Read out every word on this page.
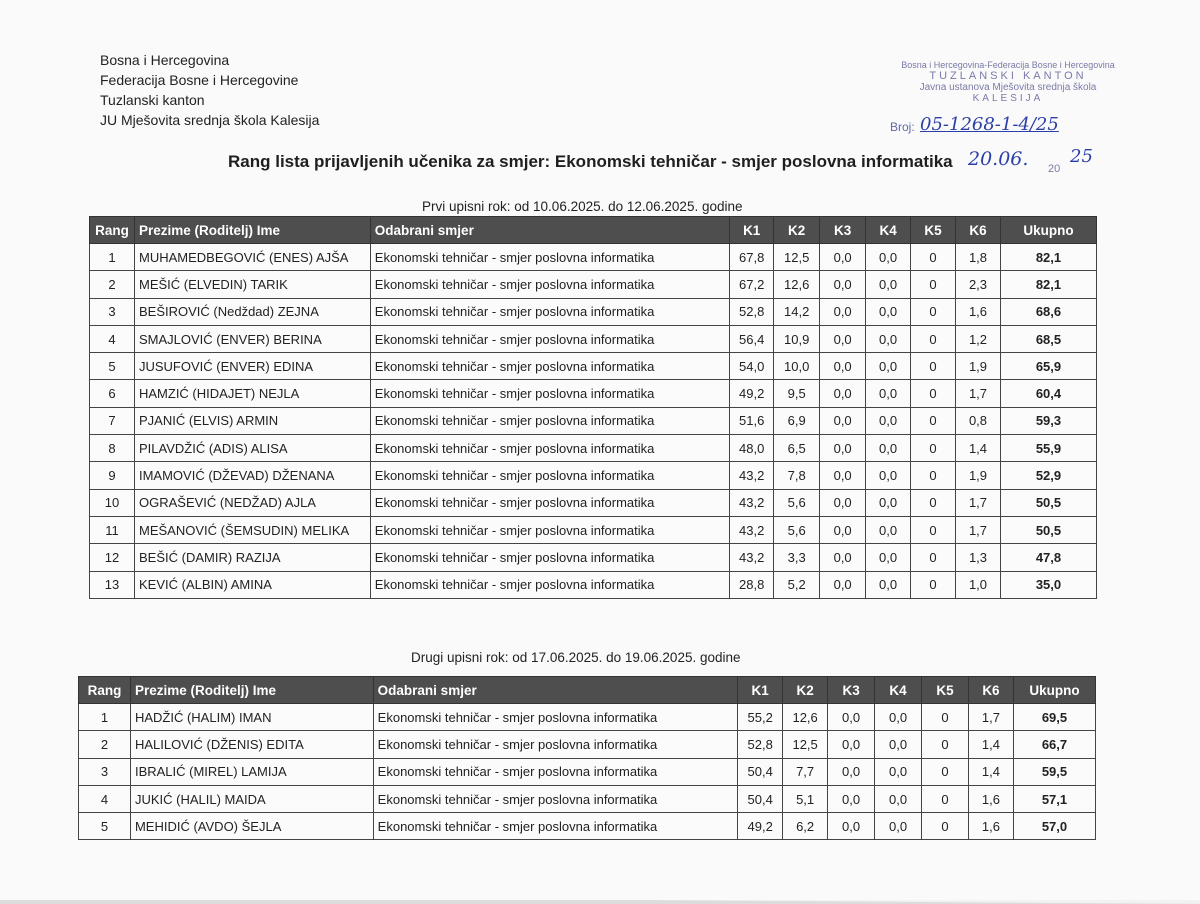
Bosna i Hercegovina
Federacija Bosne i Hercegovine
Tuzlanski kanton
JU Mješovita srednja škola Kalesija
Bosna i Hercegovina-Federacija Bosne i Hercegovina
TUZLANSKI KANTON
Javna ustanova Mješovita srednja škola
KALESIJA
Broj: 05-1268-1-4/25
Rang lista prijavljenih učenika za smjer: Ekonomski tehničar - smjer poslovna informatika 20.06. 20
25
Prvi upisni rok: od 10.06.2025. do 12.06.2025. godine
Rang	Prezime (Roditelj) Ime	Odabrani smjer	K1	K2	K3	K4	K5	K6	Ukupno
1	MUHAMEDBEGOVIĆ (ENES) AJŠA	Ekonomski tehničar - smjer poslovna informatika	67,8	12,5	0,0	0,0	0	1,8	82,1
2	MEŠIĆ (ELVEDIN) TARIK	Ekonomski tehničar - smjer poslovna informatika	67,2	12,6	0,0	0,0	0	2,3	82,1
3	BEŠIROVIĆ (Nedždad) ZEJNA	Ekonomski tehničar - smjer poslovna informatika	52,8	14,2	0,0	0,0	0	1,6	68,6
4	SMAJLOVIĆ (ENVER) BERINA	Ekonomski tehničar - smjer poslovna informatika	56,4	10,9	0,0	0,0	0	1,2	68,5
5	JUSUFOVIĆ (ENVER) EDINA	Ekonomski tehničar - smjer poslovna informatika	54,0	10,0	0,0	0,0	0	1,9	65,9
6	HAMZIĆ (HIDAJET) NEJLA	Ekonomski tehničar - smjer poslovna informatika	49,2	9,5	0,0	0,0	0	1,7	60,4
7	PJANIĆ (ELVIS) ARMIN	Ekonomski tehničar - smjer poslovna informatika	51,6	6,9	0,0	0,0	0	0,8	59,3
8	PILAVDŽIĆ (ADIS) ALISA	Ekonomski tehničar - smjer poslovna informatika	48,0	6,5	0,0	0,0	0	1,4	55,9
9	IMAMOVIĆ (DŽEVAD) DŽENANA	Ekonomski tehničar - smjer poslovna informatika	43,2	7,8	0,0	0,0	0	1,9	52,9
10	OGRAŠEVIĆ (NEDŽAD) AJLA	Ekonomski tehničar - smjer poslovna informatika	43,2	5,6	0,0	0,0	0	1,7	50,5
11	MEŠANOVIĆ (ŠEMSUDIN) MELIKA	Ekonomski tehničar - smjer poslovna informatika	43,2	5,6	0,0	0,0	0	1,7	50,5
12	BEŠIĆ (DAMIR) RAZIJA	Ekonomski tehničar - smjer poslovna informatika	43,2	3,3	0,0	0,0	0	1,3	47,8
13	KEVIĆ (ALBIN) AMINA	Ekonomski tehničar - smjer poslovna informatika	28,8	5,2	0,0	0,0	0	1,0	35,0
Drugi upisni rok: od 17.06.2025. do 19.06.2025. godine
Rang	Prezime (Roditelj) Ime	Odabrani smjer	K1	K2	K3	K4	K5	K6	Ukupno
1	HADŽIĆ (HALIM) IMAN	Ekonomski tehničar - smjer poslovna informatika	55,2	12,6	0,0	0,0	0	1,7	69,5
2	HALILOVIĆ (DŽENIS) EDITA	Ekonomski tehničar - smjer poslovna informatika	52,8	12,5	0,0	0,0	0	1,4	66,7
3	IBRALIĆ (MIREL) LAMIJA	Ekonomski tehničar - smjer poslovna informatika	50,4	7,7	0,0	0,0	0	1,4	59,5
4	JUKIĆ (HALIL) MAIDA	Ekonomski tehničar - smjer poslovna informatika	50,4	5,1	0,0	0,0	0	1,6	57,1
5	MEHIDIĆ (AVDO) ŠEJLA	Ekonomski tehničar - smjer poslovna informatika	49,2	6,2	0,0	0,0	0	1,6	57,0
